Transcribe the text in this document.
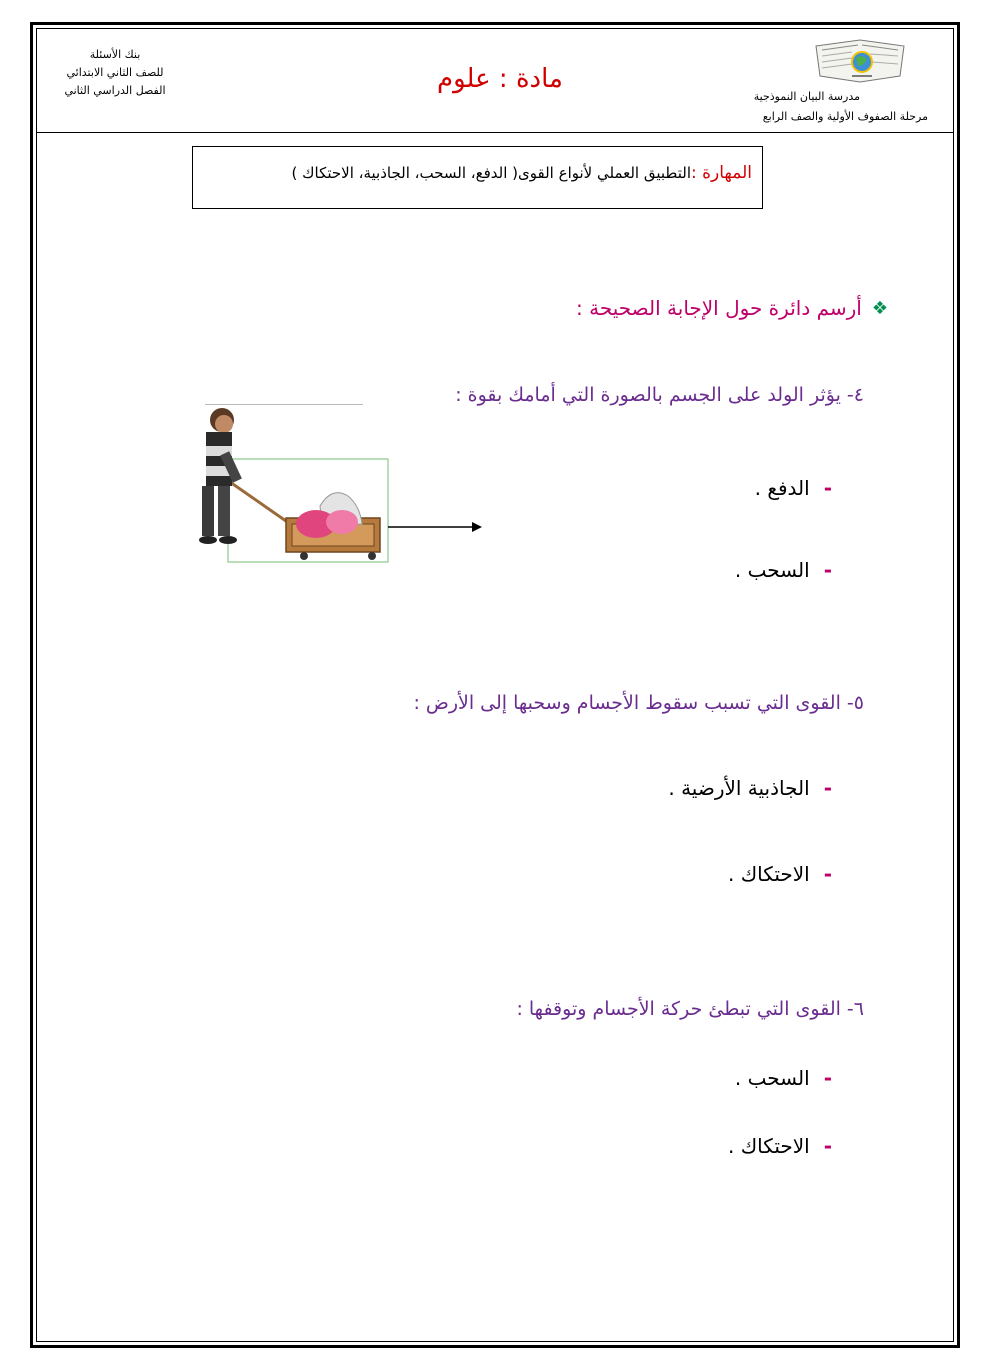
بنك الأسئلة
للصف الثاني الابتدائي
الفصل الدراسي الثاني	مادة : علوم
مدرسة البيان النموذجية
مرحلة الصفوف الأولية والصف الرابع
المهارة :التطبيق العملي لأنواع القوى( الدفع، السحب، الجاذبية، الاحتكاك )
❖
أرسم دائرة حول الإجابة الصحيحة :
٤- يؤثر الولد على الجسم بالصورة التي أمامك بقوة :
-
الدفع .
-
السحب .
٥- القوى التي تسبب سقوط الأجسام وسحبها إلى الأرض :
-
الجاذبية الأرضية .
-
الاحتكاك .
٦- القوى التي تبطئ حركة الأجسام وتوقفها :
-
السحب .
-
الاحتكاك .
